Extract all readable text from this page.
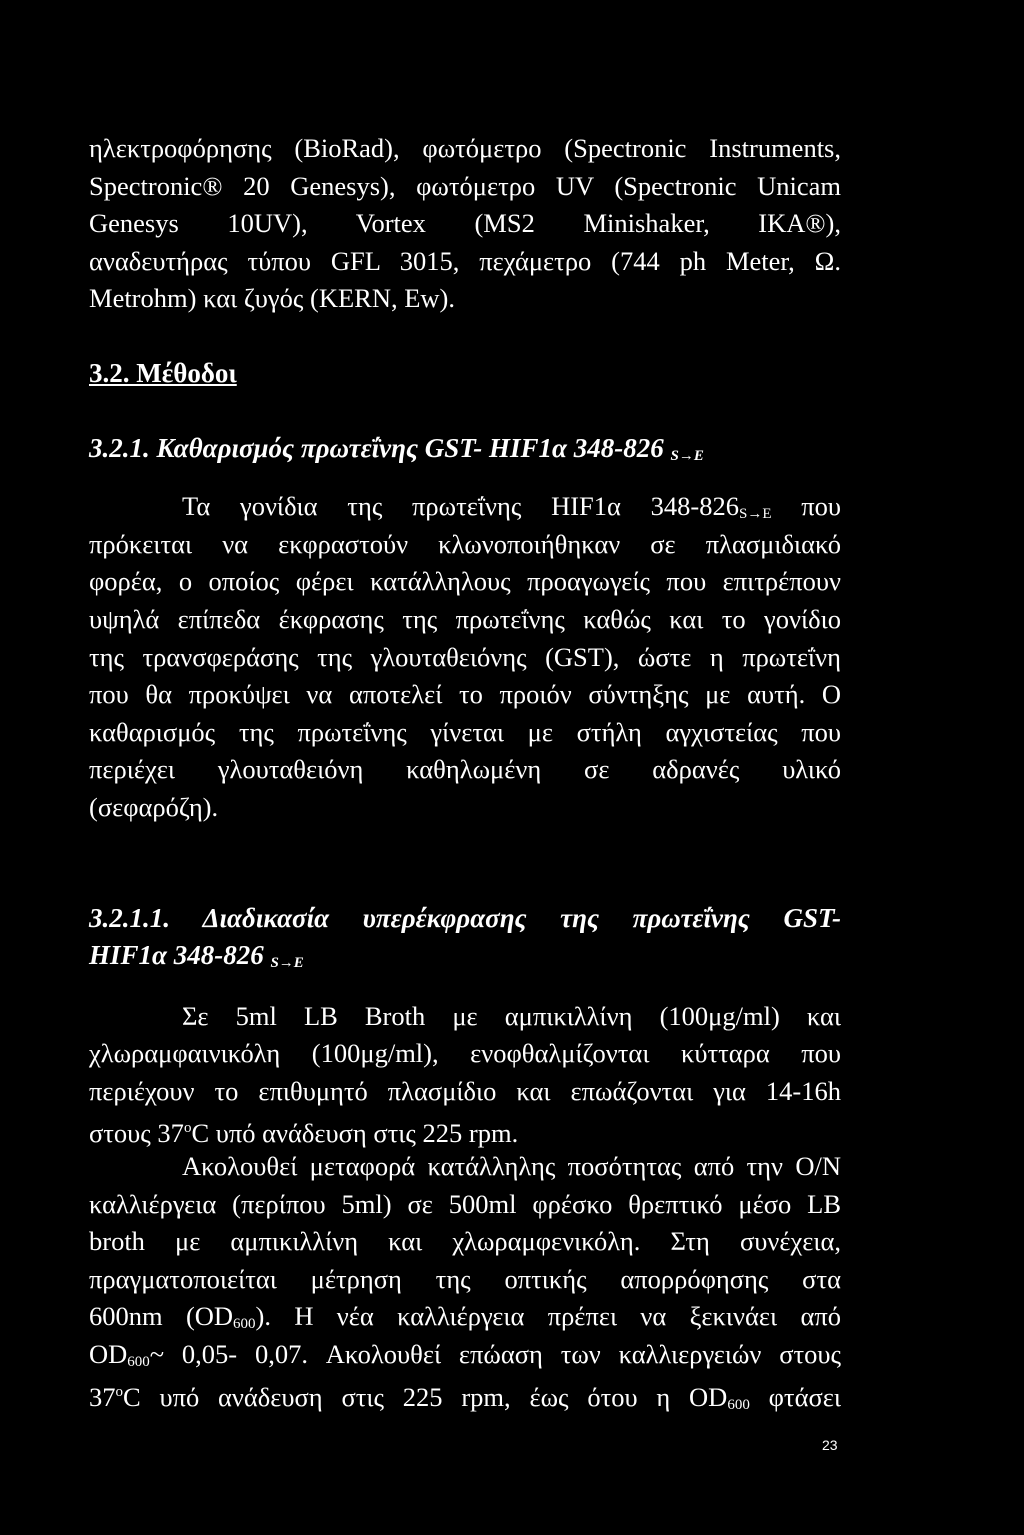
ηλεκτροφόρησης (BioRad), φωτόμετρο (Spectronic Instruments,
Spectronic® 20 Genesys), φωτόμετρο UV (Spectronic Unicam
Genesys 10UV), Vortex (MS2 Minishaker, IKA®),
αναδευτήρας τύπου GFL 3015, πεχάμετρο (744 ph Meter, Ω.
Metrohm) και ζυγός (KERN, Ew).
3.2. Μέθοδοι
3.2.1. Καθαρισμός πρωτεΐνης GST- HIF1α 348-826 $_{S\to E}$
Τα γονίδια της πρωτεΐνης HIF1α $348-826_{S\to E}$ που
πρόκειται να εκφραστούν κλωνοποιήθηκαν σε πλασμιδιακό
φορέα, ο οποίος φέρει κατάλληλους προαγωγείς που επιτρέπουν
υψηλά επίπεδα έκφρασης της πρωτεΐνης καθώς και το γονίδιο
της τρανσφεράσης της γλουταθειόνης (GST), ώστε η πρωτεΐνη
που θα προκύψει να αποτελεί το προιόν σύντηξης με αυτή. Ο
καθαρισμός της πρωτεΐνης γίνεται με στήλη αγχιστείας που
περιέχει γλουταθειόνη καθηλωμένη σε αδρανές υλικό
(σεφαρόζη).
3.2.1.1. Διαδικασία υπερέκφρασης της πρωτεΐνης GST-
HIF1α 348-826 $_{S\to E}$
Σε 5ml LB Broth με αμπικιλλίνη (100μg/ml) και
χλωραμφαινικόλη (100μg/ml), ενοφθαλμίζονται κύτταρα που
περιέχουν το επιθυμητό πλασμίδιο και επωάζονται για 14-16h
στους 37$^o$C υπό ανάδευση στις 225 rpm.
Ακολουθεί μεταφορά κατάλληλης ποσότητας από την O/N
καλλιέργεια (περίπου 5ml) σε 500ml φρέσκο θρεπτικό μέσο LB
broth με αμπικιλλίνη και χλωραμφενικόλη. Στη συνέχεια,
πραγματοποιείται μέτρηση της οπτικής απορρόφησης στα
600nm $(OD_{600})$. Η νέα καλλιέργεια πρέπει να ξεκινάει από
$OD_{600}\sim$ 0,05- 0,07. Ακολουθεί επώαση των καλλιεργειών στους
37$^o$C υπό ανάδευση στις 225 rpm, έως ότου η $OD_{600}$ φτάσει
23
